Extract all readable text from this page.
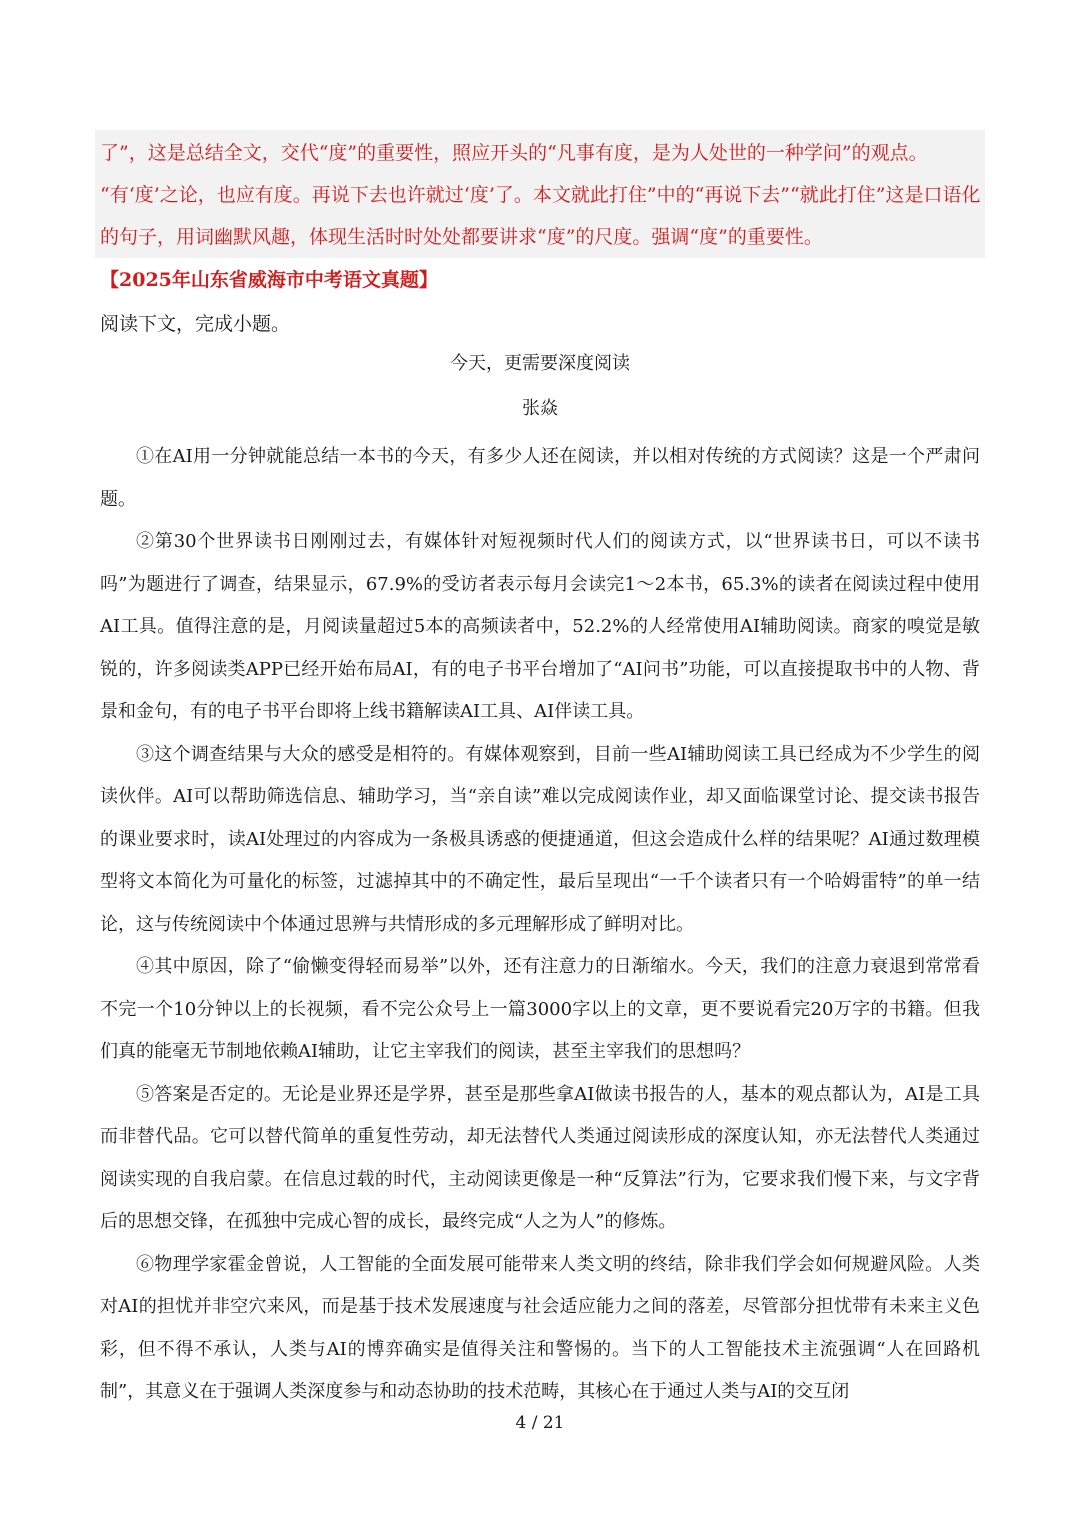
了”，这是总结全文，交代“度”的重要性，照应开头的“凡事有度，是为人处世的一种学问”的观点。
“有‘度’之论，也应有度。再说下去也许就过‘度’了。本文就此打住”中的“再说下去”“就此打住”这是口语化
的句子，用词幽默风趣，体现生活时时处处都要讲求“度”的尺度。强调“度”的重要性。
【2025年山东省威海市中考语文真题】
阅读下文，完成小题。
今天，更需要深度阅读
张焱

①在AI用一分钟就能总结一本书的今天，有多少人还在阅读，并以相对传统的方式阅读？这是一个严肃问题。

②第30个世界读书日刚刚过去，有媒体针对短视频时代人们的阅读方式，以“世界读书日，可以不读书吗”为题进行了调查，结果显示，67.9%的受访者表示每月会读完1～2本书，65.3%的读者在阅读过程中使用AI工具。值得注意的是，月阅读量超过5本的高频读者中，52.2%的人经常使用AI辅助阅读。商家的嗅觉是敏锐的，许多阅读类APP已经开始布局AI，有的电子书平台增加了“AI问书”功能，可以直接提取书中的人物、背景和金句，有的电子书平台即将上线书籍解读AI工具、AI伴读工具。

③这个调查结果与大众的感受是相符的。有媒体观察到，目前一些AI辅助阅读工具已经成为不少学生的阅读伙伴。AI可以帮助筛选信息、辅助学习，当“亲自读”难以完成阅读作业，却又面临课堂讨论、提交读书报告的课业要求时，读AI处理过的内容成为一条极具诱惑的便捷通道，但这会造成什么样的结果呢？AI通过数理模型将文本简化为可量化的标签，过滤掉其中的不确定性，最后呈现出“一千个读者只有一个哈姆雷特”的单一结论，这与传统阅读中个体通过思辨与共情形成的多元理解形成了鲜明对比。

④其中原因，除了“偷懒变得轻而易举”以外，还有注意力的日渐缩水。今天，我们的注意力衰退到常常看不完一个10分钟以上的长视频，看不完公众号上一篇3000字以上的文章，更不要说看完20万字的书籍。但我们真的能毫无节制地依赖AI辅助，让它主宰我们的阅读，甚至主宰我们的思想吗？

⑤答案是否定的。无论是业界还是学界，甚至是那些拿AI做读书报告的人，基本的观点都认为，AI是工具而非替代品。它可以替代简单的重复性劳动，却无法替代人类通过阅读形成的深度认知，亦无法替代人类通过阅读实现的自我启蒙。在信息过载的时代，主动阅读更像是一种“反算法”行为，它要求我们慢下来，与文字背后的思想交锋，在孤独中完成心智的成长，最终完成“人之为人”的修炼。

⑥物理学家霍金曾说，人工智能的全面发展可能带来人类文明的终结，除非我们学会如何规避风险。人类对AI的担忧并非空穴来风，而是基于技术发展速度与社会适应能力之间的落差，尽管部分担忧带有未来主义色彩，但不得不承认，人类与AI的博弈确实是值得关注和警惕的。当下的人工智能技术主流强调“人在回路机制”，其意义在于强调人类深度参与和动态协助的技术范畴，其核心在于通过人类与AI的交互闭

4 / 21
